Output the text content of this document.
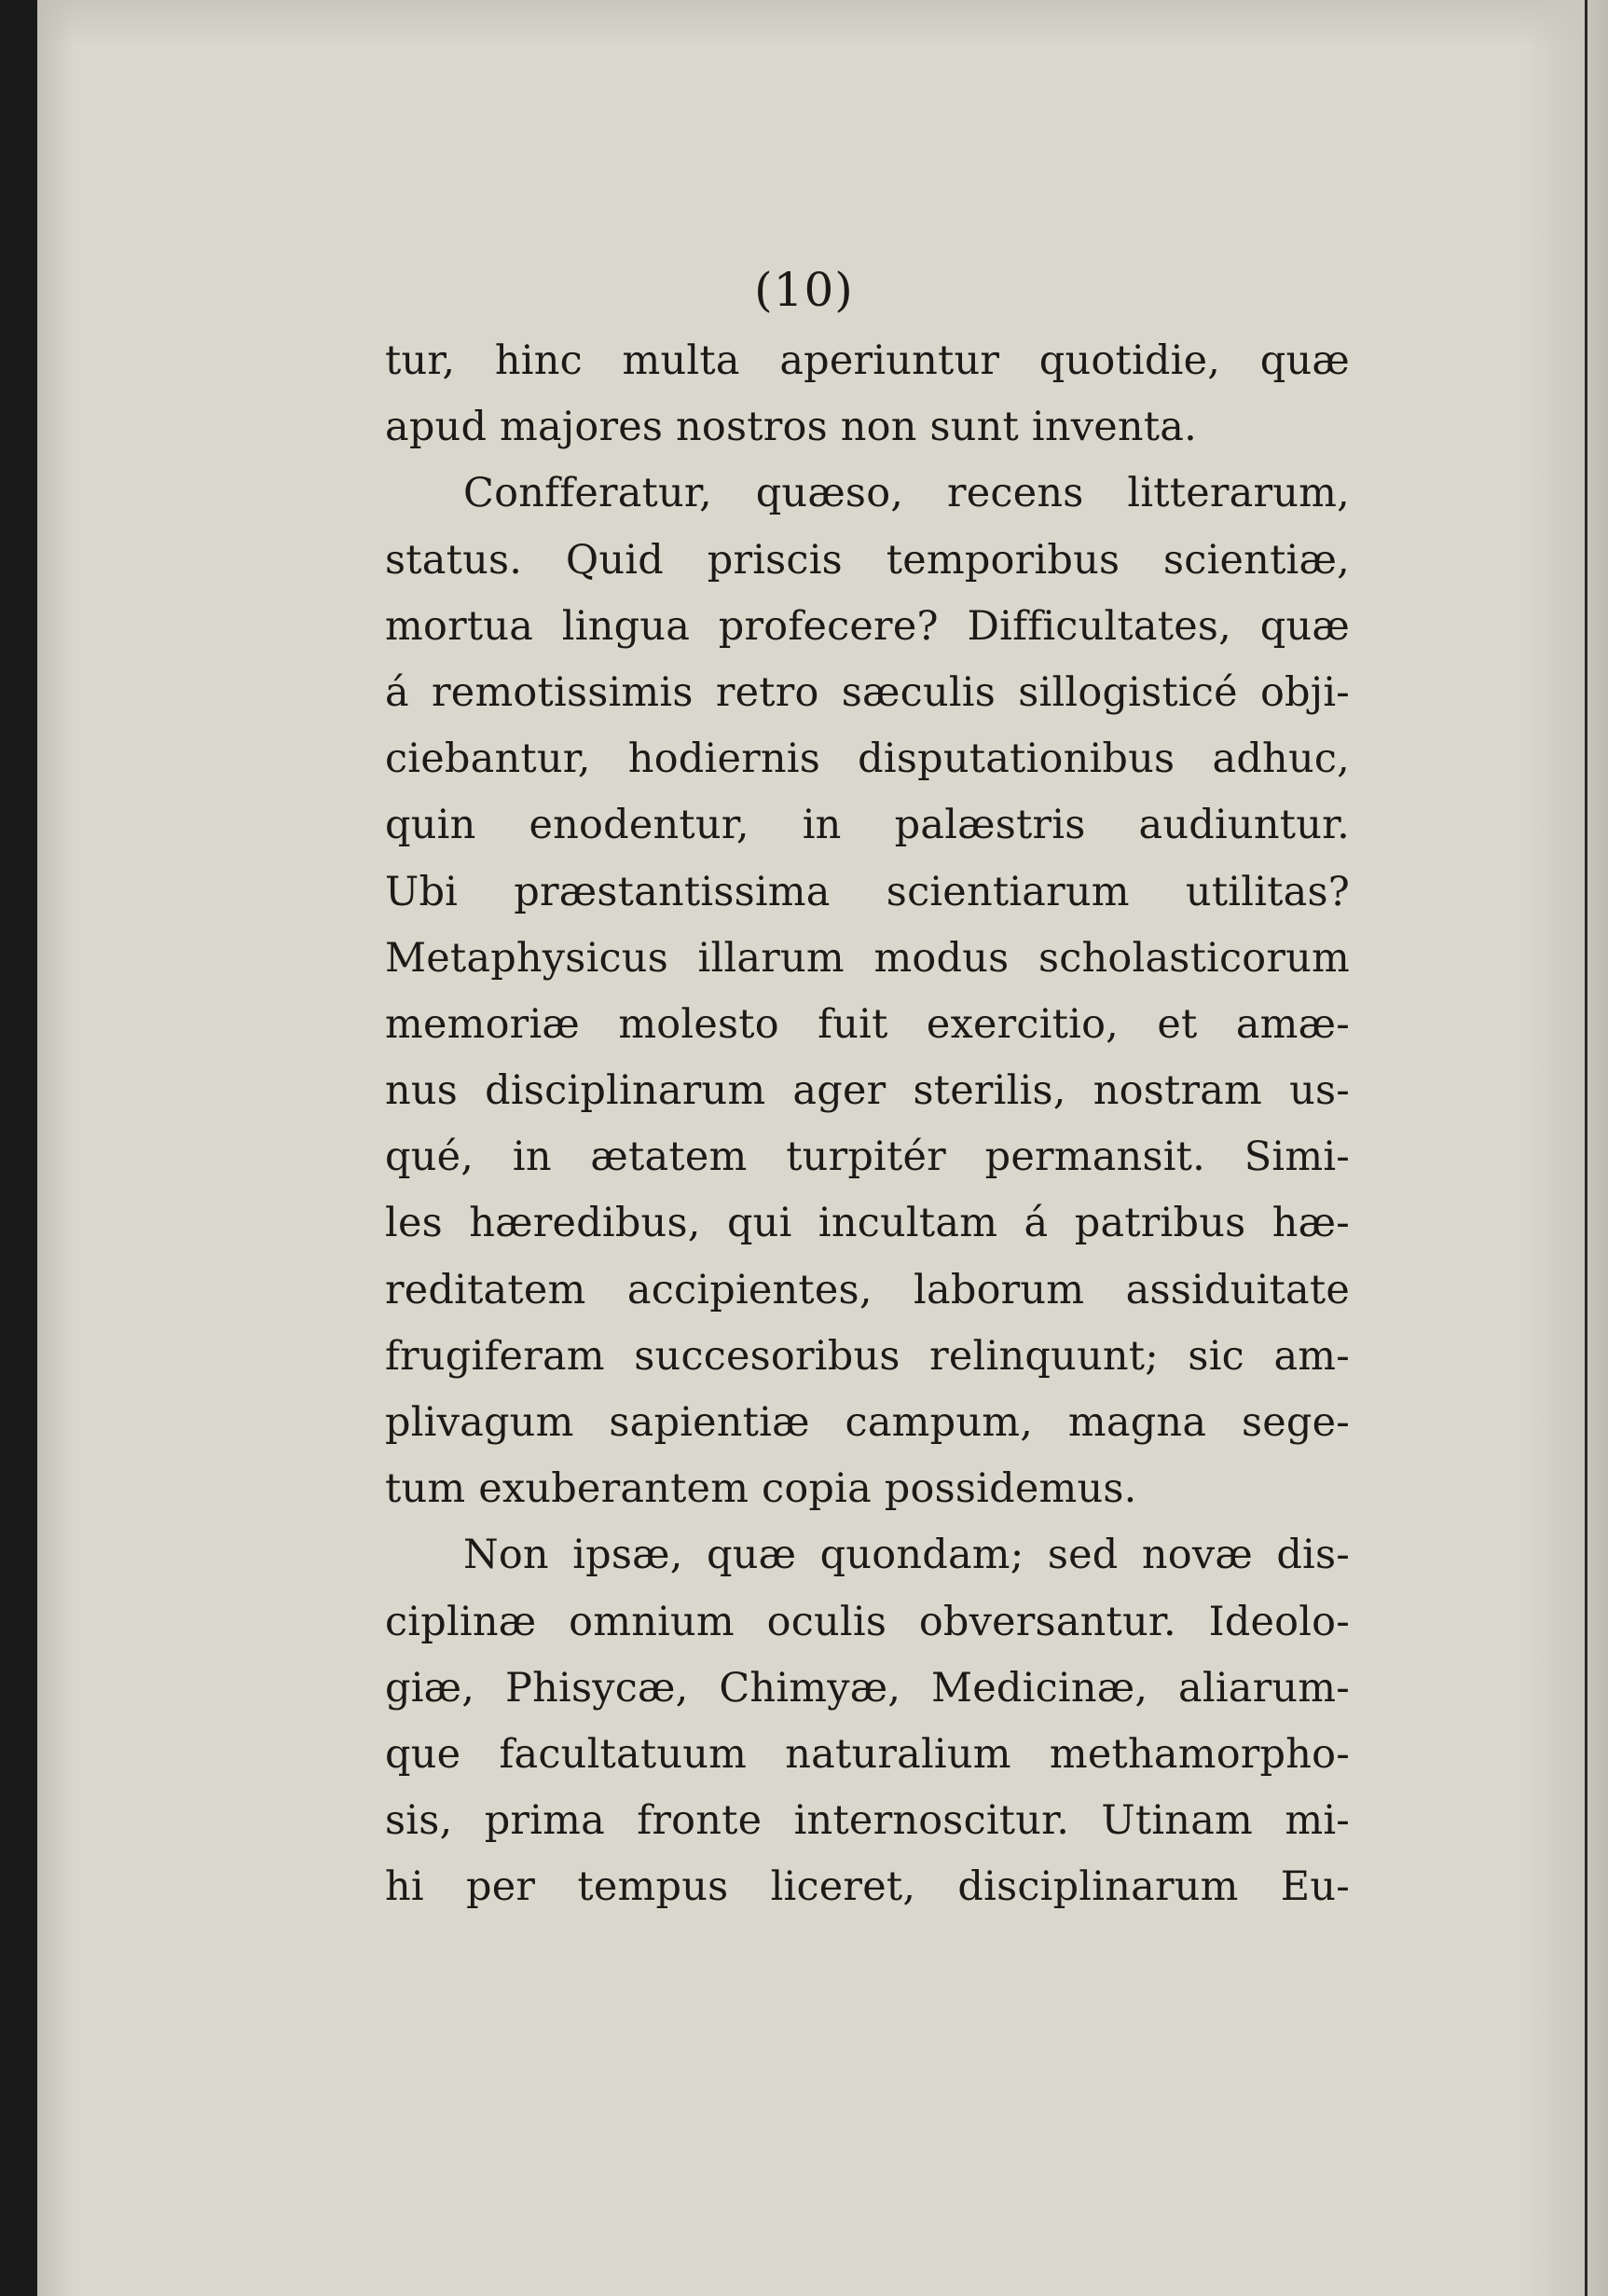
(10)
tur, hinc multa aperiuntur quotidie, quæ
apud majores nostros non sunt inventa.
Confferatur, quæso, recens litterarum,
status. Quid priscis temporibus scientiæ,
mortua lingua profecere? Difficultates, quæ
á remotissimis retro sæculis sillogisticé obji-
ciebantur, hodiernis disputationibus adhuc,
quin enodentur, in palæstris audiuntur.
Ubi præstantissima scientiarum utilitas?
Metaphysicus illarum modus scholasticorum
memoriæ molesto fuit exercitio, et amæ-
nus disciplinarum ager sterilis, nostram us-
qué, in ætatem turpitér permansit. Simi-
les hæredibus, qui incultam á patribus hæ-
reditatem accipientes, laborum assiduitate
frugiferam succesoribus relinquunt; sic am-
plivagum sapientiæ campum, magna sege-
tum exuberantem copia possidemus.
Non ipsæ, quæ quondam; sed novæ dis-
ciplinæ omnium oculis obversantur. Ideolo-
giæ, Phisycæ, Chimyæ, Medicinæ, aliarum-
que facultatuum naturalium methamorpho-
sis, prima fronte internoscitur. Utinam mi-
hi per tempus liceret, disciplinarum Eu-
